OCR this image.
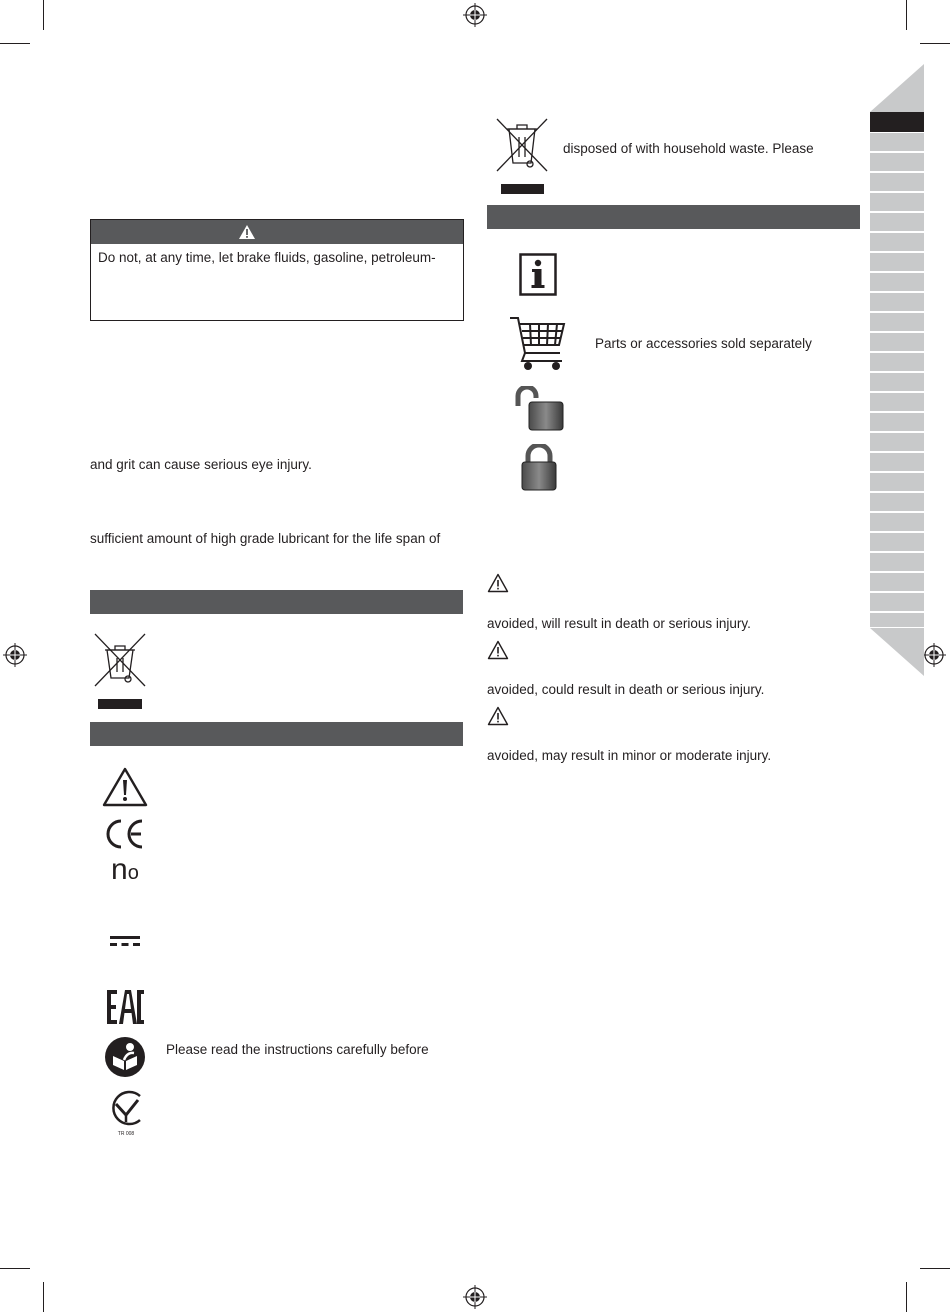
Do not, at any time, let brake fluids, gasoline, petroleum-
and grit can cause serious eye injury.
sufficient amount of high grade lubricant for the life span of
no
Please read the instructions carefully before
TR 008
disposed of with household waste. Please
Parts or accessories sold separately
avoided, will result in death or serious injury.
avoided, could result in death or serious injury.
avoided, may result in minor or moderate injury.
